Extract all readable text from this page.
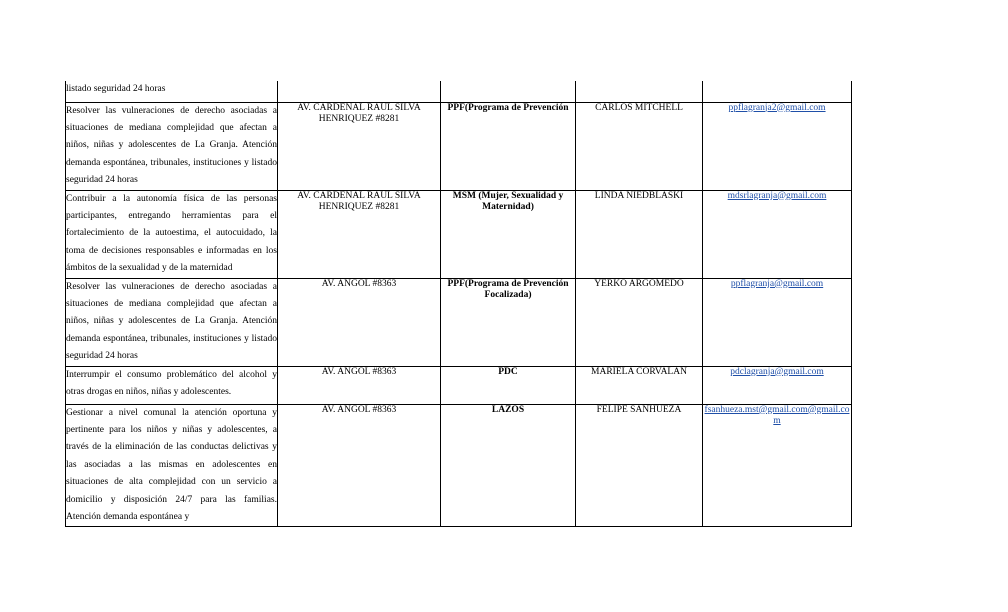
listado seguridad 24 horas				
Resolver las vulneraciones de derecho asociadas a situaciones de mediana complejidad que afectan a niños, niñas y adolescentes de La Granja. Atención demanda espontánea, tribunales, instituciones y listado seguridad 24 horas	AV. CARDENAL RAUL SILVA HENRIQUEZ #8281	PPF(Programa de Prevención	CARLOS MITCHELL	ppflagranja2@gmail.com
Contribuir a la autonomía física de las personas participantes, entregando herramientas para el fortalecimiento de la autoestima, el autocuidado, la toma de decisiones responsables e informadas en los ámbitos de la sexualidad y de la maternidad	AV. CARDENAL RAUL SILVA HENRIQUEZ #8281	MSM (Mujer, Sexualidad y Maternidad)	LINDA NIEDBLASKI	mdsrlagranja@gmail.com
Resolver las vulneraciones de derecho asociadas a situaciones de mediana complejidad que afectan a niños, niñas y adolescentes de La Granja. Atención demanda espontánea, tribunales, instituciones y listado seguridad 24 horas	AV. ANGOL #8363	PPF(Programa de Prevención Focalizada)	YERKO ARGOMEDO	ppflagranja@gmail.com
Interrumpir el consumo problemático del alcohol y otras drogas en niños, niñas y adolescentes.	AV. ANGOL #8363	PDC	MARIELA CORVALAN	pdclagranja@gmail.com
Gestionar a nivel comunal la atención oportuna y pertinente para los niños y niñas y adolescentes, a través de la eliminación de las conductas delictivas y las asociadas a las mismas en adolescentes en situaciones de alta complejidad con un servicio a domicilio y disposición 24/7 para las familias. Atención demanda espontánea y	AV. ANGOL #8363	LAZOS	FELIPE SANHUEZA	fsanhueza.mst@gmail.com@gmail.com
